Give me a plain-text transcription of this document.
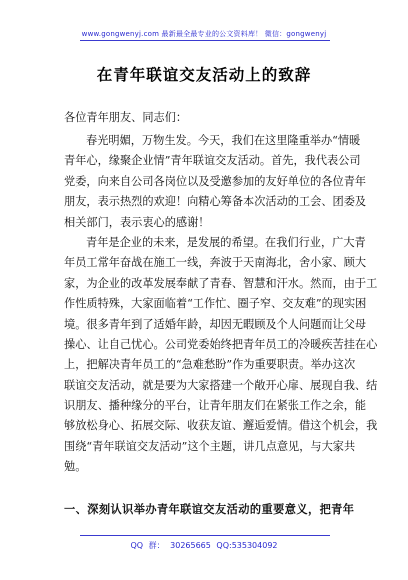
www.gongwenyj.com 最新最全最专业的公文资料库！ 微信：gongwenyj
在青年联谊交友活动上的致辞
各位青年朋友、同志们：
春光明媚，万物生发。今天，我们在这里隆重举办“情暖
青年心，缘聚企业情”青年联谊交友活动。首先，我代表公司
党委，向来自公司各岗位以及受邀参加的友好单位的各位青年
朋友，表示热烈的欢迎！向精心筹备本次活动的工会、团委及
相关部门，表示衷心的感谢！
青年是企业的未来，是发展的希望。在我们行业，广大青
年员工常年奋战在施工一线，奔波于天南海北，舍小家、顾大
家，为企业的改革发展奉献了青春、智慧和汗水。然而，由于工
作性质特殊，大家面临着“工作忙、圈子窄、交友难”的现实困
境。很多青年到了适婚年龄，却因无暇顾及个人问题而让父母
操心、让自己忧心。公司党委始终把青年员工的冷暖疾苦挂在心
上，把解决青年员工的“急难愁盼”作为重要职责。举办这次
联谊交友活动，就是要为大家搭建一个敞开心扉、展现自我、结
识朋友、播种缘分的平台，让青年朋友们在紧张工作之余，能
够放松身心、拓展交际、收获友谊、邂逅爱情。借这个机会，我
围绕“青年联谊交友活动”这个主题，讲几点意见，与大家共
勉。
一、深刻认识举办青年联谊交友活动的重要意义，把青年
QQ 群： 30265665 QQ:535304092
